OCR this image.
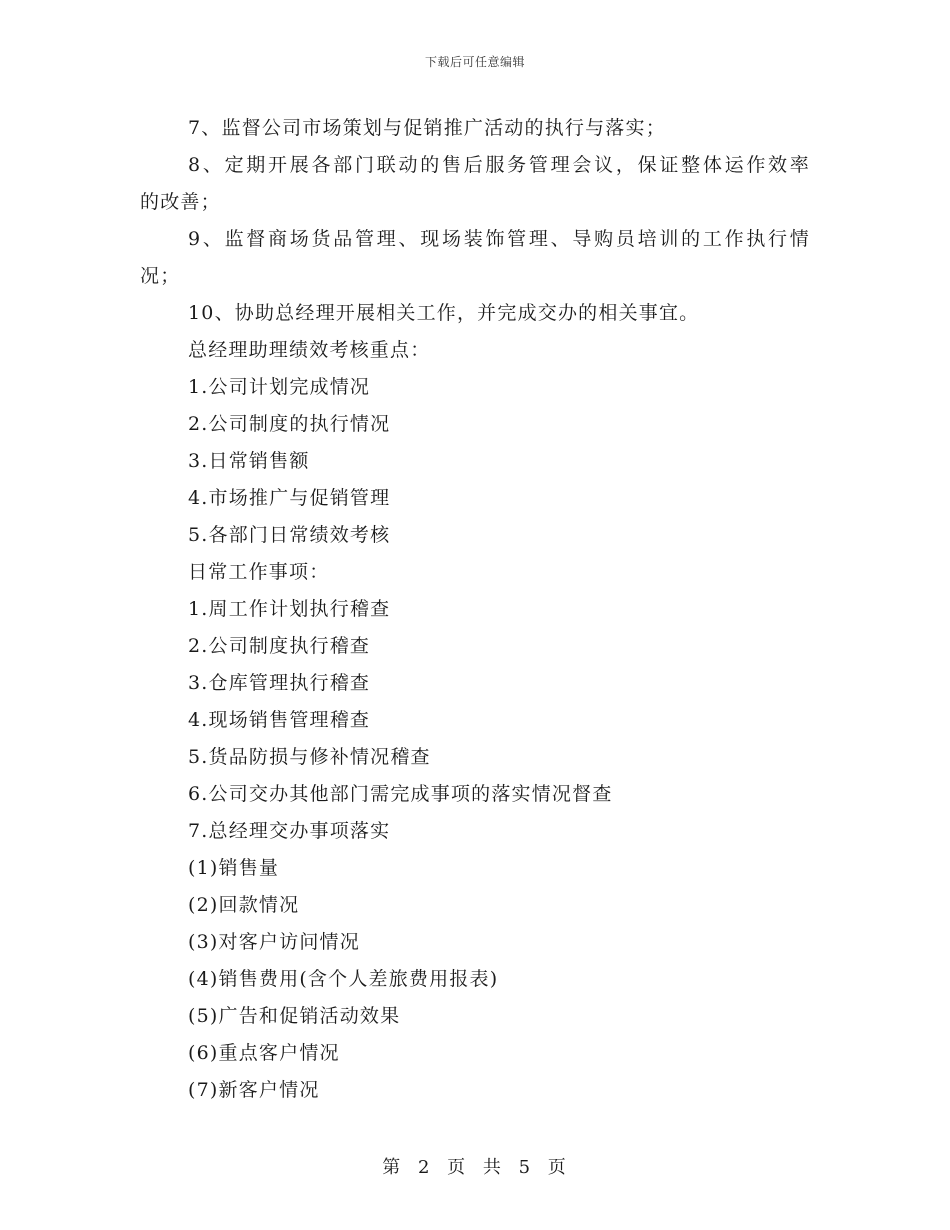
下载后可任意编辑
7、监督公司市场策划与促销推广活动的执行与落实；
8、定期开展各部门联动的售后服务管理会议，保证整体运作效率
的改善；
9、监督商场货品管理、现场装饰管理、导购员培训的工作执行情
况；
10、协助总经理开展相关工作，并完成交办的相关事宜。
总经理助理绩效考核重点：
1.公司计划完成情况
2.公司制度的执行情况
3.日常销售额
4.市场推广与促销管理
5.各部门日常绩效考核
日常工作事项：
1.周工作计划执行稽查
2.公司制度执行稽查
3.仓库管理执行稽查
4.现场销售管理稽查
5.货品防损与修补情况稽查
6.公司交办其他部门需完成事项的落实情况督查
7.总经理交办事项落实
(1)销售量
(2)回款情况
(3)对客户访问情况
(4)销售费用(含个人差旅费用报表)
(5)广告和促销活动效果
(6)重点客户情况
(7)新客户情况
第 2 页 共 5 页
